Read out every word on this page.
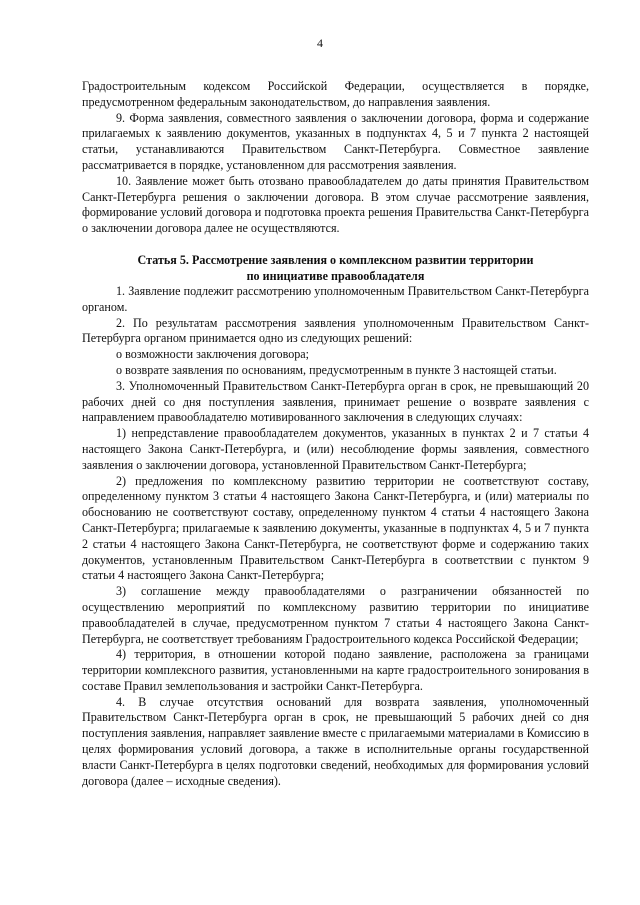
4

Градостроительным кодексом Российской Федерации, осуществляется в порядке, предусмотренном федеральным законодательством, до направления заявления.

9. Форма заявления, совместного заявления о заключении договора, форма и содержание прилагаемых к заявлению документов, указанных в подпунктах 4, 5 и 7 пункта 2 настоящей статьи, устанавливаются Правительством Санкт-Петербурга. Совместное заявление рассматривается в порядке, установленном для рассмотрения заявления.

10. Заявление может быть отозвано правообладателем до даты принятия Правительством Санкт-Петербурга решения о заключении договора. В этом случае рассмотрение заявления, формирование условий договора и подготовка проекта решения Правительства Санкт-Петербурга о заключении договора далее не осуществляются.

Статья 5. Рассмотрение заявления о комплексном развитии территории
по инициативе правообладателя

1. Заявление подлежит рассмотрению уполномоченным Правительством Санкт-Петербурга органом.

2. По результатам рассмотрения заявления уполномоченным Правительством Санкт-Петербурга органом принимается одно из следующих решений:

о возможности заключения договора;

о возврате заявления по основаниям, предусмотренным в пункте 3 настоящей статьи.

3. Уполномоченный Правительством Санкт-Петербурга орган в срок, не превышающий 20 рабочих дней со дня поступления заявления, принимает решение о возврате заявления с направлением правообладателю мотивированного заключения в следующих случаях:

1) непредставление правообладателем документов, указанных в пунктах 2 и 7 статьи 4 настоящего Закона Санкт-Петербурга, и (или) несоблюдение формы заявления, совместного заявления о заключении договора, установленной Правительством Санкт-Петербурга;

2) предложения по комплексному развитию территории не соответствуют составу, определенному пунктом 3 статьи 4 настоящего Закона Санкт-Петербурга, и (или) материалы по обоснованию не соответствуют составу, определенному пунктом 4 статьи 4 настоящего Закона Санкт-Петербурга; прилагаемые к заявлению документы, указанные в подпунктах 4, 5 и 7 пункта 2 статьи 4 настоящего Закона Санкт-Петербурга, не соответствуют форме и содержанию таких документов, установленным Правительством Санкт-Петербурга в соответствии с пунктом 9 статьи 4 настоящего Закона Санкт-Петербурга;

3) соглашение между правообладателями о разграничении обязанностей по осуществлению мероприятий по комплексному развитию территории по инициативе правообладателей в случае, предусмотренном пунктом 7 статьи 4 настоящего Закона Санкт-Петербурга, не соответствует требованиям Градостроительного кодекса Российской Федерации;

4) территория, в отношении которой подано заявление, расположена за границами территории комплексного развития, установленными на карте градостроительного зонирования в составе Правил землепользования и застройки Санкт-Петербурга.

4. В случае отсутствия оснований для возврата заявления, уполномоченный Правительством Санкт-Петербурга орган в срок, не превышающий 5 рабочих дней со дня поступления заявления, направляет заявление вместе с прилагаемыми материалами в Комиссию в целях формирования условий договора, а также в исполнительные органы государственной власти Санкт-Петербурга в целях подготовки сведений, необходимых для формирования условий договора (далее – исходные сведения).
